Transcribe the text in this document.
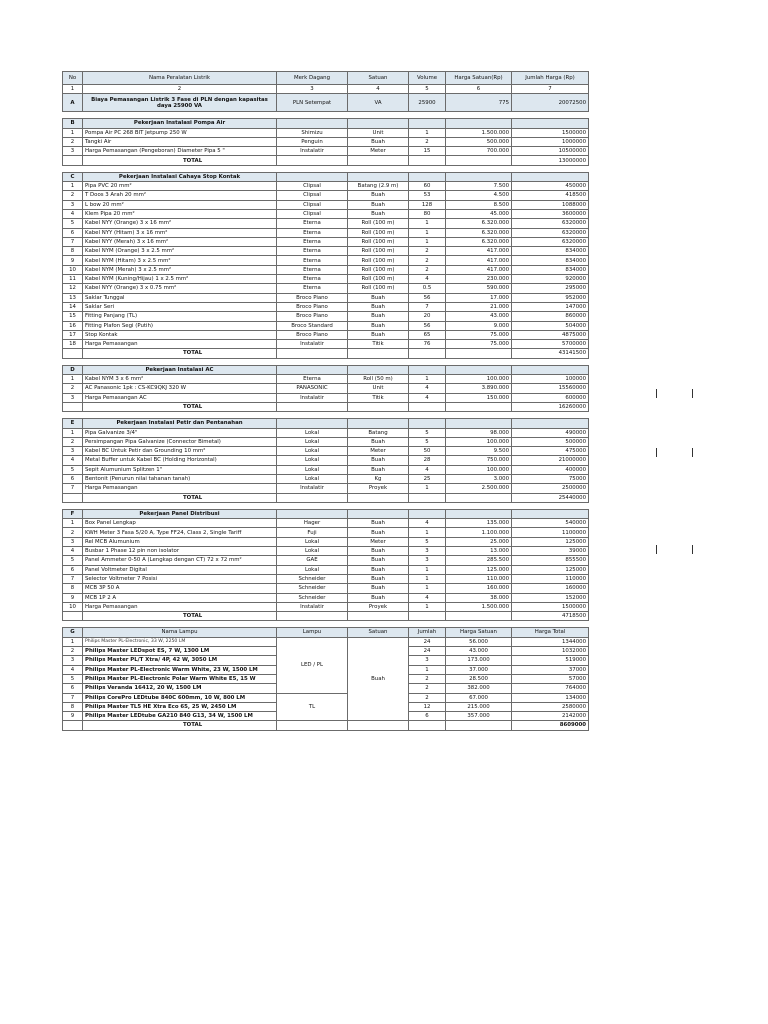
No	Nama Peralatan Listrik	Merk Dagang	Satuan	Volume	Harga Satuan(Rp)	Jumlah Harga (Rp)
1	2	3	4	5	6	7
A	Biaya Pemasangan Listrik 3 Fase di PLN dengan kapasitas daya 25900 VA	PLN Setempat	VA	25900	775	20072500

B	Pekerjaan Instalasi Pompa Air					
1	Pompa Air PC 268 BIT Jetpump 250 W	Shimizu	Unit	1	1.500.000	1500000
2	Tangki Air	Penguin	Buah	2	500.000	1000000
3	Harga Pemasangan (Pengeboran) Diameter Pipa 5 "	Instalatir	Meter	15	700.000	10500000
	TOTAL					13000000

C	Pekerjaan Instalasi Cahaya Stop Kontak					
1	Pipa PVC 20 mm²	Clipsal	Batang (2.9 m)	60	7.500	450000
2	T Doos 3 Arah 20 mm²	Clipsal	Buah	53	4.500	418500
3	L bow 20 mm²	Clipsal	Buah	128	8.500	1088000
4	Klem Pipa 20 mm²	Clipsal	Buah	80	45.000	3600000
5	Kabel NYY (Orange) 3 x 16 mm²	Eterna	Roll (100 m)	1	6.320.000	6320000
6	Kabel NYY (Hitam) 3 x 16 mm²	Eterna	Roll (100 m)	1	6.320.000	6320000
7	Kabel NYY (Merah) 3 x 16 mm²	Eterna	Roll (100 m)	1	6.320.000	6320000
8	Kabel NYM (Orange) 3 x 2.5 mm²	Eterna	Roll (100 m)	2	417.000	834000
9	Kabel NYM (Hitam) 3 x 2.5 mm²	Eterna	Roll (100 m)	2	417.000	834000
10	Kabel NYM (Merah) 3 x 2.5 mm²	Eterna	Roll (100 m)	2	417.000	834000
11	Kabel NYM (Kuning/Hijau) 1 x 2.5 mm²	Eterna	Roll (100 m)	4	230.000	920000
12	Kabel NYY (Orange) 3 x 0.75 mm²	Eterna	Roll (100 m)	0.5	590.000	295000
13	Saklar Tunggal	Broco Piano	Buah	56	17.000	952000
14	Saklar Seri	Broco Piano	Buah	7	21.000	147000
15	Fitting Panjang (TL)	Broco Piano	Buah	20	43.000	860000
16	Fitting Plafon Segi (Putih)	Broco Standard	Buah	56	9.000	504000
17	Stop Kontak	Broco Piano	Buah	65	75.000	4875000
18	Harga Pemasangan	Instalatir	Titik	76	75.000	5700000
	TOTAL					43141500

D	Pekerjaan Instalasi AC					
1	Kabel NYM 3 x 6 mm²	Eterna	Roll (50 m)	1	100.000	100000
2	AC Panasonic 1pk : CS-KC9QKJ 320 W	PANASONIC	Unit	4	3.890.000	15560000
3	Harga Pemasangan AC	Instalatir	Titik	4	150.000	600000
	TOTAL					16260000

E	Pekerjaan Instalasi Petir dan Pentanahan					
1	Pipa Galvanize 3/4"	Lokal	Batang	5	98.000	490000
2	Persimpangan Pipa Galvanize (Connector Bimetal)	Lokal	Buah	5	100.000	500000
3	Kabel BC Untuk Petir dan Grounding 10 mm²	Lokal	Meter	50	9.500	475000
4	Metal Buffer untuk Kabel BC (Holding Horizontal)	Lokal	Buah	28	750.000	21000000
5	Sepit Alumunium Splitzen 1"	Lokal	Buah	4	100.000	400000
6	Bentonit (Penurun nilai tahanan tanah)	Lokal	Kg	25	3.000	75000
7	Harga Pemasangan	Instalatir	Proyek	1	2.500.000	2500000
	TOTAL					25440000

F	Pekerjaan Panel Distribusi					
1	Box Panel Lengkap	Hager	Buah	4	135.000	540000
2	KWH Meter 3 Fasa 5/20 A, Type FF24, Class 2, Single Tariff	Fuji	Buah	1	1.100.000	1100000
3	Rel MCB Alumunium	Lokal	Meter	5	25.000	125000
4	Busbar 1 Phase 12 pin non isolator	Lokal	Buah	3	13.000	39000
5	Panel Ammeter 0-50 A (Lengkap dengan CT) 72 x 72 mm²	GAE	Buah	3	285.500	855500
6	Panel Voltmeter Digital	Lokal	Buah	1	125.000	125000
7	Selector Voltmeter 7 Posisi	Schneider	Buah	1	110.000	110000
8	MCB 3P 50 A	Schneider	Buah	1	160.000	160000
9	MCB 1P 2 A	Schneider	Buah	4	38.000	152000
10	Harga Pemasangan	Instalatir	Proyek	1	1.500.000	1500000
	TOTAL					4718500
G	Nama Lampu	Lampu	Satuan	Jumlah	Harga Satuan	Harga Total
1	Philips Master PL-Electronic, 33 W, 2250 LM	LED / PL	Buah	24	56.000	1344000
2	Philips Master LEDspot ES, 7 W, 1300 LM			24	43.000	1032000
3	Philips Master PL/T Xtra/ 4P, 42 W, 3050 LM			3	173.000	519000
4	Philips Master PL-Electronic Warm White, 23 W, 1500 LM			1	37.000	37000
5	Philips Master PL-Electronic Polar Warm White E5, 15 W			2	28.500	57000
6	Philips Veranda 16412, 20 W, 1500 LM			2	382.000	764000
7	Philips CorePro LEDtube 840C 600mm, 10 W, 800 LM	TL		2	67.000	134000
8	Philips Master TL5 HE Xtra Eco 65, 25 W, 2450 LM			12	215.000	2580000
9	Philips Master LEDtube GA210 840 G13, 34 W, 1500 LM			6	357.000	2142000
	TOTAL					8609000
